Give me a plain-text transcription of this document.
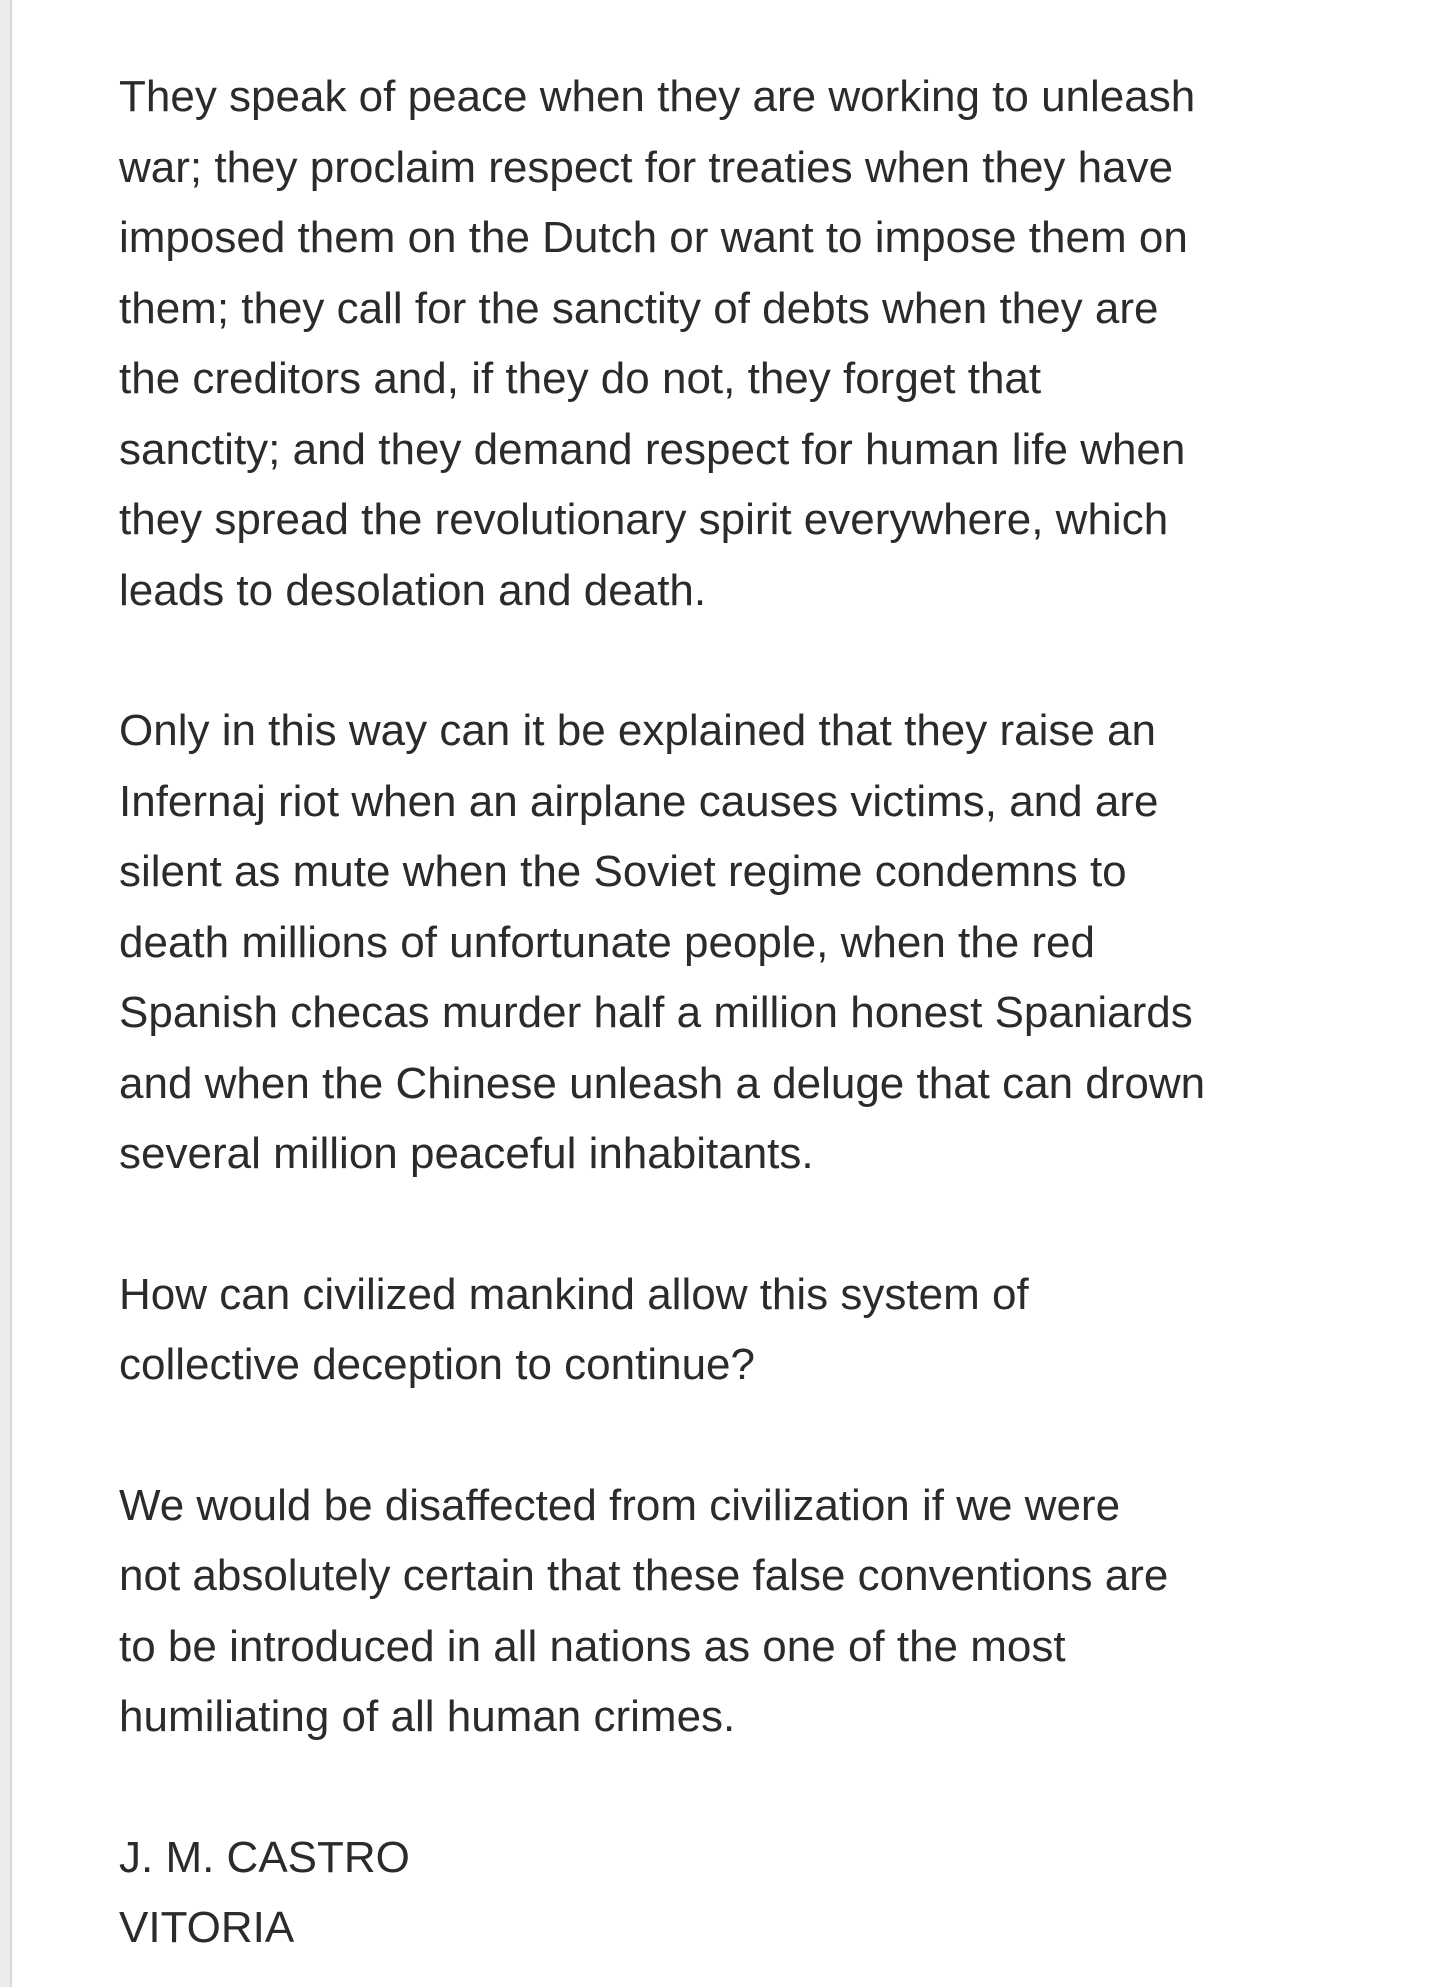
They speak of peace when they are working to unleash
war; they proclaim respect for treaties when they have
imposed them on the Dutch or want to impose them on
them; they call for the sanctity of debts when they are
the creditors and, if they do not, they forget that
sanctity; and they demand respect for human life when
they spread the revolutionary spirit everywhere, which
leads to desolation and death.

Only in this way can it be explained that they raise an
Infernaj riot when an airplane causes victims, and are
silent as mute when the Soviet regime condemns to
death millions of unfortunate people, when the red
Spanish checas murder half a million honest Spaniards
and when the Chinese unleash a deluge that can drown
several million peaceful inhabitants.

How can civilized mankind allow this system of
collective deception to continue?

We would be disaffected from civilization if we were
not absolutely certain that these false conventions are
to be introduced in all nations as one of the most
humiliating of all human crimes.

J. M. CASTRO
VITORIA
